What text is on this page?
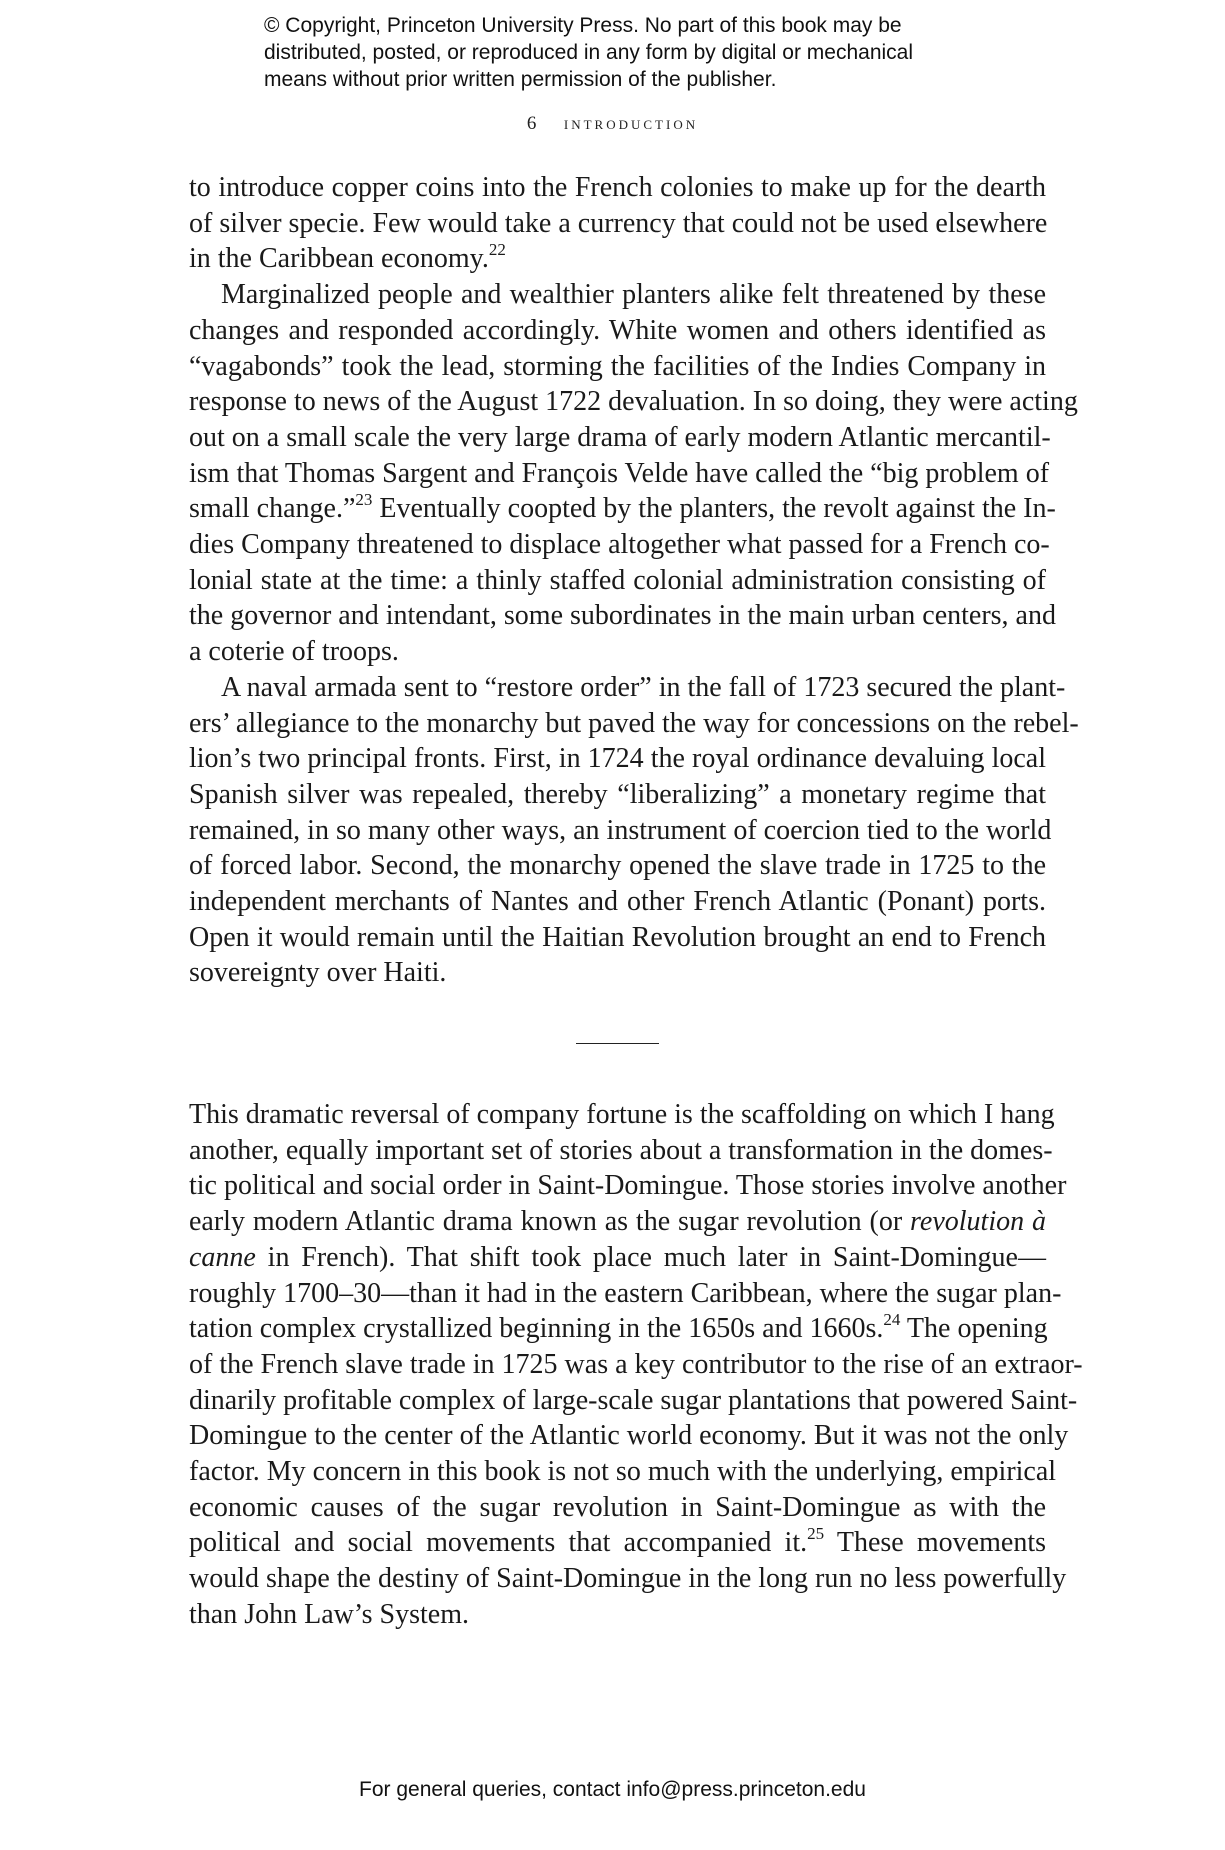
© Copyright, Princeton University Press. No part of this book may be
distributed, posted, or reproduced in any form by digital or mechanical
means without prior written permission of the publisher.
6 introduction
to introduce copper coins into the French colonies to make up for the dearth
of silver specie. Few would take a currency that could not be used elsewhere
in the Caribbean economy.$^{22}$
Marginalized people and wealthier planters alike felt threatened by these
changes and responded accordingly. White women and others identified as
“vagabonds” took the lead, storming the facilities of the Indies Company in
response to news of the August 1722 devaluation. In so doing, they were acting
out on a small scale the very large drama of early modern Atlantic mercantil-
ism that Thomas Sargent and François Velde have called the “big problem of
small change.”$^{23}$ Eventually coopted by the planters, the revolt against the In-
dies Company threatened to displace altogether what passed for a French co-
lonial state at the time: a thinly staffed colonial administration consisting of
the governor and intendant, some subordinates in the main urban centers, and
a coterie of troops.
A naval armada sent to “restore order” in the fall of 1723 secured the plant-
ers’ allegiance to the monarchy but paved the way for concessions on the rebel-
lion’s two principal fronts. First, in 1724 the royal ordinance devaluing local
Spanish silver was repealed, thereby “liberalizing” a monetary regime that
remained, in so many other ways, an instrument of coercion tied to the world
of forced labor. Second, the monarchy opened the slave trade in 1725 to the
independent merchants of Nantes and other French Atlantic (Ponant) ports.
Open it would remain until the Haitian Revolution brought an end to French
sovereignty over Haiti.
This dramatic reversal of company fortune is the scaffolding on which I hang
another, equally important set of stories about a transformation in the domes-
tic political and social order in Saint-Domingue. Those stories involve another
early modern Atlantic drama known as the sugar revolution (or revolution à
canne in French). That shift took place much later in Saint-Domingue—
roughly 1700–30—than it had in the eastern Caribbean, where the sugar plan-
tation complex crystallized beginning in the 1650s and 1660s.$^{24}$ The opening
of the French slave trade in 1725 was a key contributor to the rise of an extraor-
dinarily profitable complex of large-scale sugar plantations that powered Saint-
Domingue to the center of the Atlantic world economy. But it was not the only
factor. My concern in this book is not so much with the underlying, empirical
economic causes of the sugar revolution in Saint-Domingue as with the
political and social movements that accompanied it.$^{25}$ These movements
would shape the destiny of Saint-Domingue in the long run no less powerfully
than John Law’s System.
For general queries, contact info@press.princeton.edu
